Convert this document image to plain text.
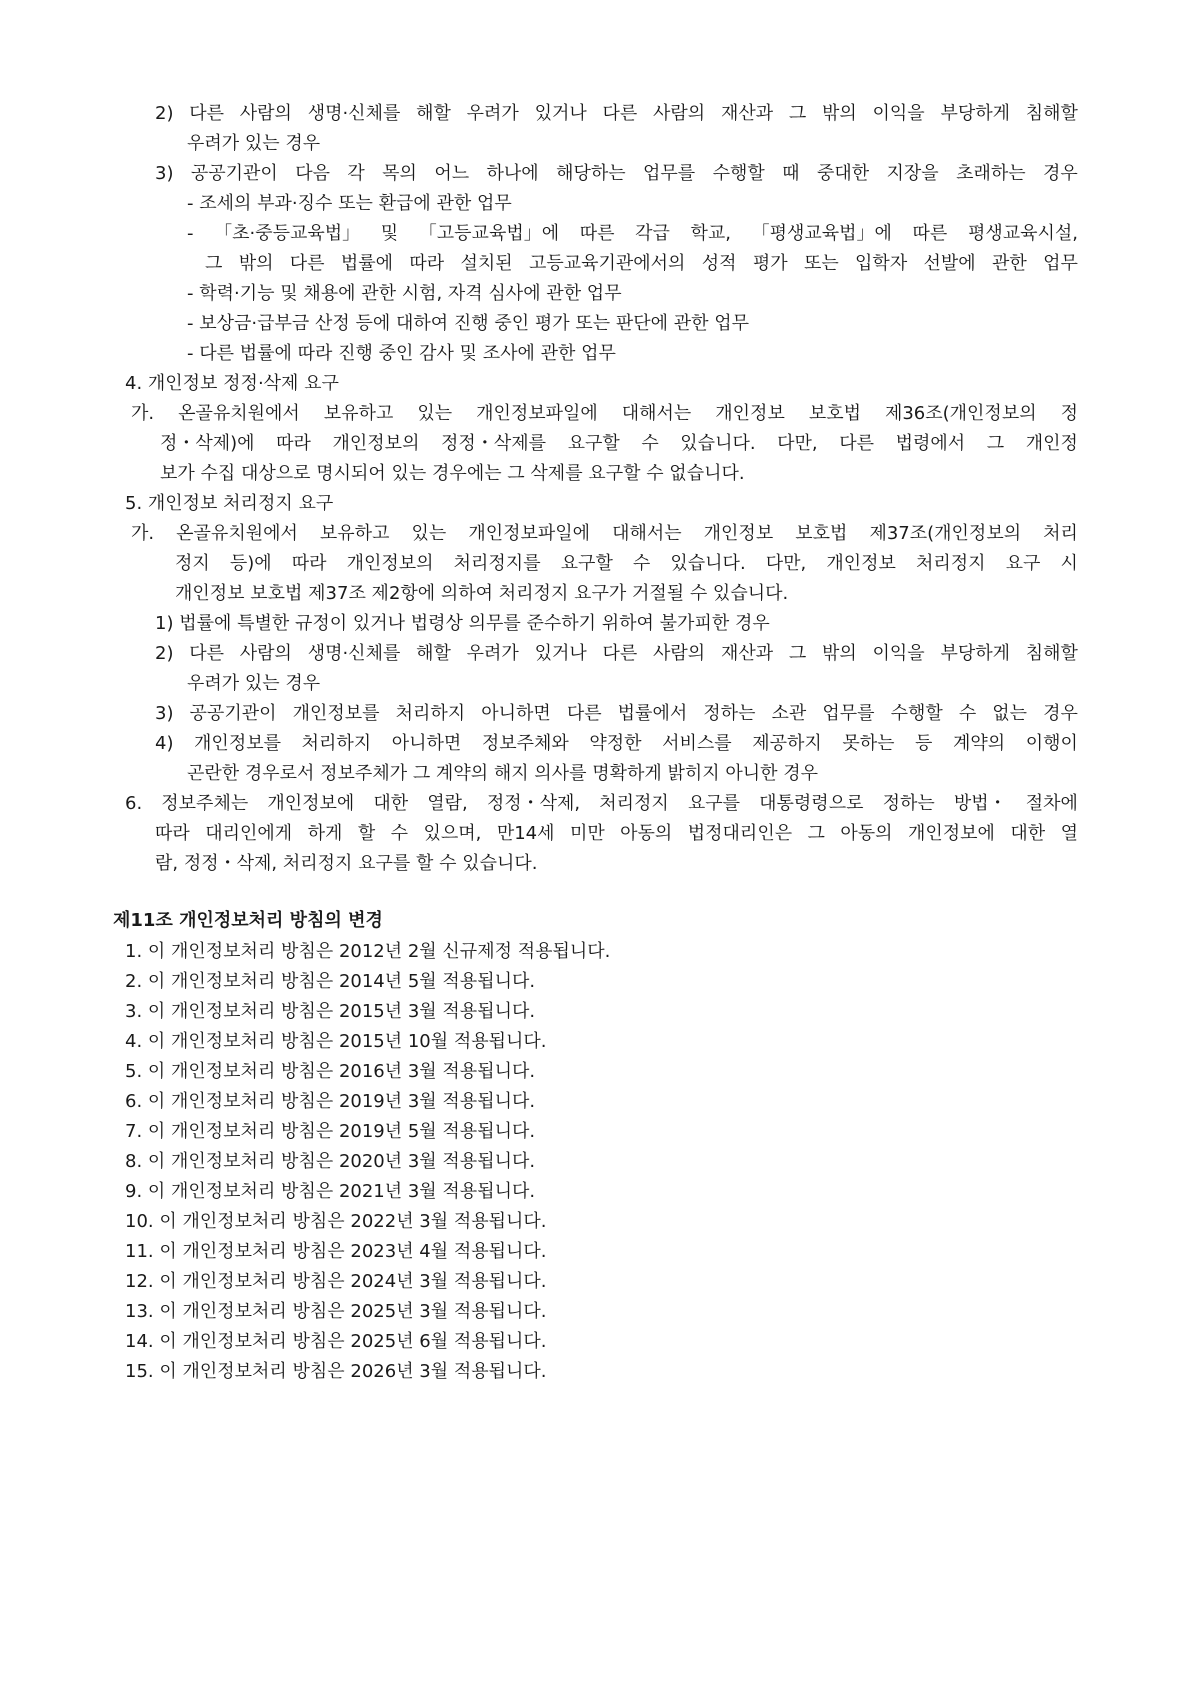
2) 다른 사람의 생명·신체를 해할 우려가 있거나 다른 사람의 재산과 그 밖의 이익을 부당하게 침해할
우려가 있는 경우
3) 공공기관이 다음 각 목의 어느 하나에 해당하는 업무를 수행할 때 중대한 지장을 초래하는 경우
- 조세의 부과·징수 또는 환급에 관한 업무
- 「초·중등교육법」 및 「고등교육법」에 따른 각급 학교, 「평생교육법」에 따른 평생교육시설,
그 밖의 다른 법률에 따라 설치된 고등교육기관에서의 성적 평가 또는 입학자 선발에 관한 업무
- 학력·기능 및 채용에 관한 시험, 자격 심사에 관한 업무
- 보상금·급부금 산정 등에 대하여 진행 중인 평가 또는 판단에 관한 업무
- 다른 법률에 따라 진행 중인 감사 및 조사에 관한 업무
4. 개인정보 정정·삭제 요구
가. 온골유치원에서 보유하고 있는 개인정보파일에 대해서는 개인정보 보호법 제36조(개인정보의 정
정・삭제)에 따라 개인정보의 정정・삭제를 요구할 수 있습니다. 다만, 다른 법령에서 그 개인정
보가 수집 대상으로 명시되어 있는 경우에는 그 삭제를 요구할 수 없습니다.
5. 개인정보 처리정지 요구
가. 온골유치원에서 보유하고 있는 개인정보파일에 대해서는 개인정보 보호법 제37조(개인정보의 처리
정지 등)에 따라 개인정보의 처리정지를 요구할 수 있습니다. 다만, 개인정보 처리정지 요구 시
개인정보 보호법 제37조 제2항에 의하여 처리정지 요구가 거절될 수 있습니다.
1) 법률에 특별한 규정이 있거나 법령상 의무를 준수하기 위하여 불가피한 경우
2) 다른 사람의 생명·신체를 해할 우려가 있거나 다른 사람의 재산과 그 밖의 이익을 부당하게 침해할
우려가 있는 경우
3) 공공기관이 개인정보를 처리하지 아니하면 다른 법률에서 정하는 소관 업무를 수행할 수 없는 경우
4) 개인정보를 처리하지 아니하면 정보주체와 약정한 서비스를 제공하지 못하는 등 계약의 이행이
곤란한 경우로서 정보주체가 그 계약의 해지 의사를 명확하게 밝히지 아니한 경우
6. 정보주체는 개인정보에 대한 열람, 정정・삭제, 처리정지 요구를 대통령령으로 정하는 방법・ 절차에
따라 대리인에게 하게 할 수 있으며, 만14세 미만 아동의 법정대리인은 그 아동의 개인정보에 대한 열
람, 정정・삭제, 처리정지 요구를 할 수 있습니다.
제11조 개인정보처리 방침의 변경
1. 이 개인정보처리 방침은 2012년 2월 신규제정 적용됩니다.
2. 이 개인정보처리 방침은 2014년 5월 적용됩니다.
3. 이 개인정보처리 방침은 2015년 3월 적용됩니다.
4. 이 개인정보처리 방침은 2015년 10월 적용됩니다.
5. 이 개인정보처리 방침은 2016년 3월 적용됩니다.
6. 이 개인정보처리 방침은 2019년 3월 적용됩니다.
7. 이 개인정보처리 방침은 2019년 5월 적용됩니다.
8. 이 개인정보처리 방침은 2020년 3월 적용됩니다.
9. 이 개인정보처리 방침은 2021년 3월 적용됩니다.
10. 이 개인정보처리 방침은 2022년 3월 적용됩니다.
11. 이 개인정보처리 방침은 2023년 4월 적용됩니다.
12. 이 개인정보처리 방침은 2024년 3월 적용됩니다.
13. 이 개인정보처리 방침은 2025년 3월 적용됩니다.
14. 이 개인정보처리 방침은 2025년 6월 적용됩니다.
15. 이 개인정보처리 방침은 2026년 3월 적용됩니다.
